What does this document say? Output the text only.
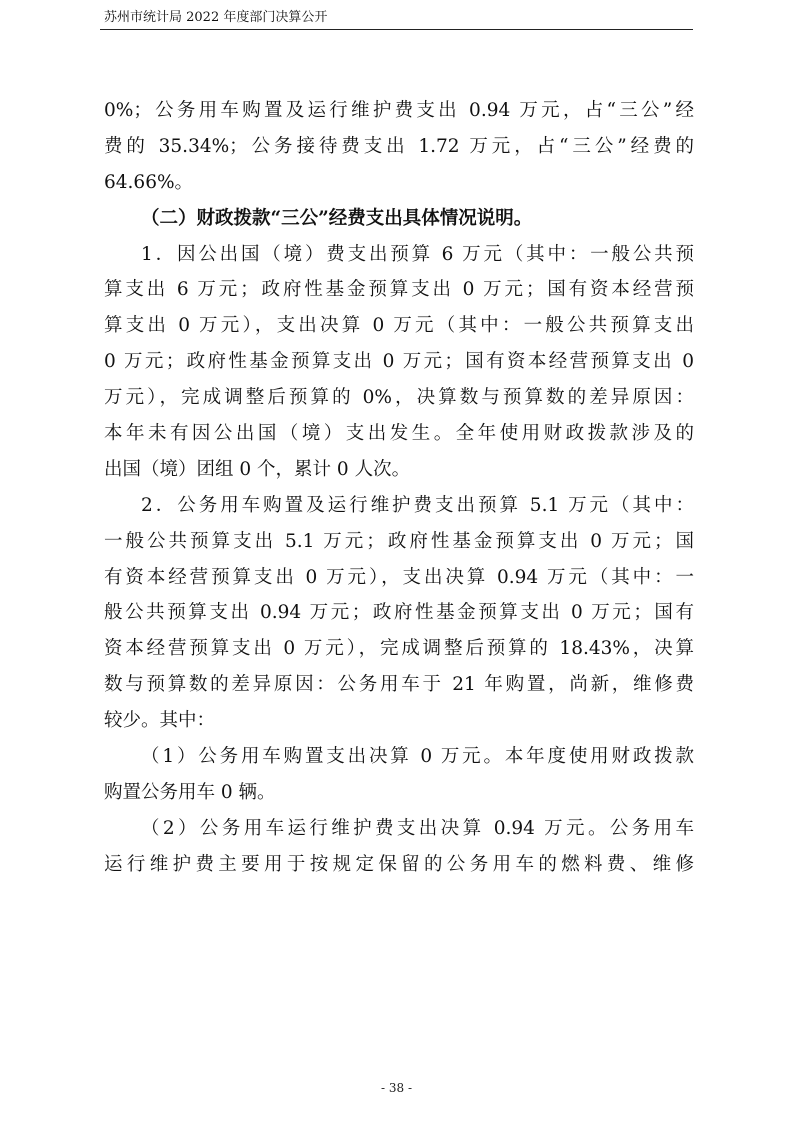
苏州市统计局 2022 年度部门决算公开
0%；公务用车购置及运行维护费支出 0.94 万元，占“三公”经
费的 35.34%；公务接待费支出 1.72 万元，占“三公”经费的
64.66%。
（二）财政拨款“三公”经费支出具体情况说明。
1．因公出国（境）费支出预算 6 万元（其中：一般公共预
算支出 6 万元；政府性基金预算支出 0 万元；国有资本经营预
算支出 0 万元），支出决算 0 万元（其中：一般公共预算支出
0 万元；政府性基金预算支出 0 万元；国有资本经营预算支出 0
万元），完成调整后预算的 0%，决算数与预算数的差异原因：
本年未有因公出国（境）支出发生。全年使用财政拨款涉及的
出国（境）团组 0 个，累计 0 人次。
2．公务用车购置及运行维护费支出预算 5.1 万元（其中：
一般公共预算支出 5.1 万元；政府性基金预算支出 0 万元；国
有资本经营预算支出 0 万元），支出决算 0.94 万元（其中：一
般公共预算支出 0.94 万元；政府性基金预算支出 0 万元；国有
资本经营预算支出 0 万元），完成调整后预算的 18.43%，决算
数与预算数的差异原因：公务用车于 21 年购置，尚新，维修费
较少。其中：
（1）公务用车购置支出决算 0 万元。本年度使用财政拨款
购置公务用车 0 辆。
（2）公务用车运行维护费支出决算 0.94 万元。公务用车
运行维护费主要用于按规定保留的公务用车的燃料费、维修
- 38 -
